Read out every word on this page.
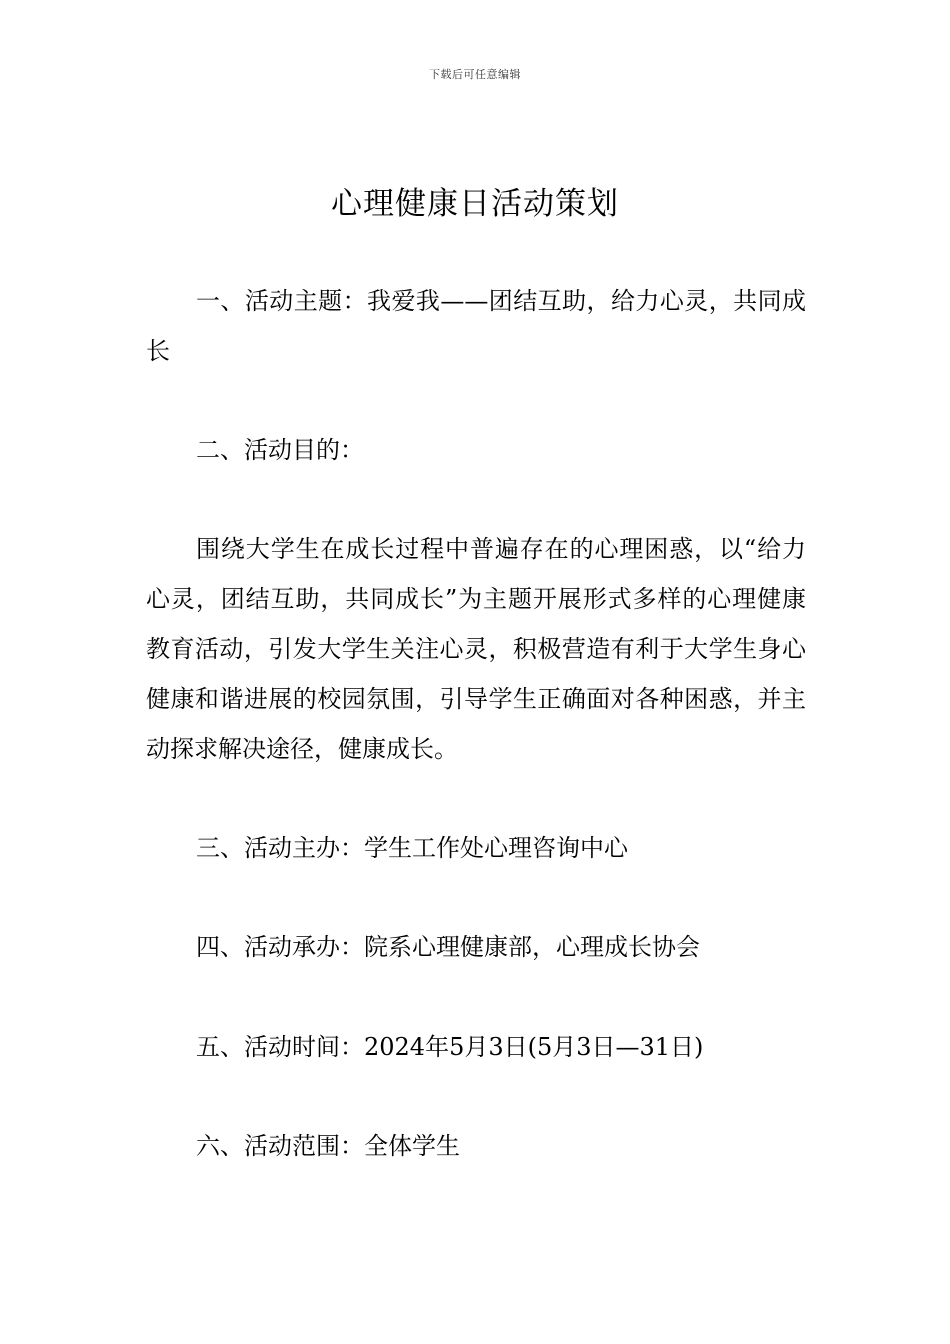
下载后可任意编辑
心理健康日活动策划

一、活动主题：我爱我——团结互助，给力心灵，共同成长

二、活动目的：

围绕大学生在成长过程中普遍存在的心理困惑，以“给力心灵，团结互助，共同成长”为主题开展形式多样的心理健康教育活动，引发大学生关注心灵，积极营造有利于大学生身心健康和谐进展的校园氛围，引导学生正确面对各种困惑，并主动探求解决途径，健康成长。

三、活动主办：学生工作处心理咨询中心

四、活动承办：院系心理健康部，心理成长协会

五、活动时间：2024年5月3日(5月3日—31日)

六、活动范围：全体学生
